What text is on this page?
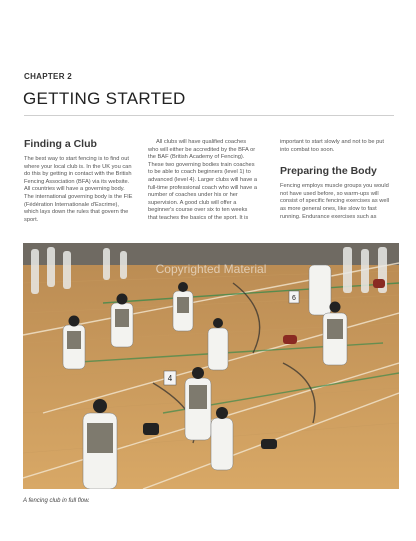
CHAPTER 2
GETTING STARTED
Finding a Club

The best way to start fencing is to find out where your local club is. In the UK you can do this by getting in contact with the British Fencing Association (BFA) via its website. All countries will have a governing body. The international governing body is the FIE (Fédération Internationale d'Escrime), which lays down the rules that govern the sport.

All clubs will have qualified coaches who will either be accredited by the BFA or the BAF (British Academy of Fencing). These two governing bodies train coaches to be able to coach beginners (level 1) to advanced (level 4). Larger clubs will have a full-time professional coach who will have a number of coaches under his or her supervision. A good club will offer a beginner's course over six to ten weeks that teaches the basics of the sport. It is

important to start slowly and not to be put into combat too soon.

Preparing the Body

Fencing employs muscle groups you would not have used before, so warm-ups will consist of specific fencing exercises as well as more general ones, like slow to fast running. Endurance exercises such as

6
4
Copyrighted Material
A fencing club in full flow.
